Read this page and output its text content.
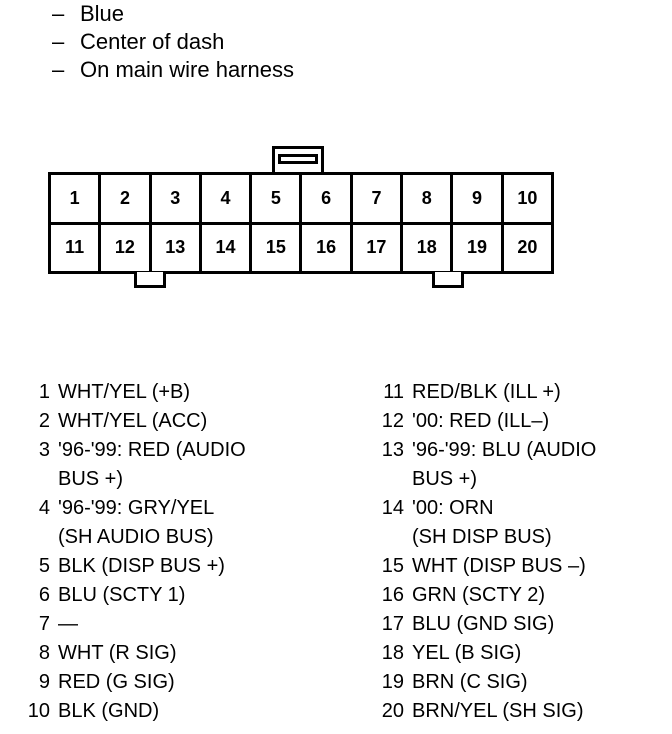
– Blue
– Center of dash
– On main wire harness
1	2	3	4	5	6	7	8	9	10
11	12	13	14	15	16	17	18	19	20
1 WHT/YEL (+B)
2 WHT/YEL (ACC)
3 '96-'99: RED (AUDIO
BUS +)
4 '96-'99: GRY/YEL
(SH AUDIO BUS)
5 BLK (DISP BUS +)
6 BLU (SCTY 1)
7 —
8 WHT (R SIG)
9 RED (G SIG)
10 BLK (GND)
11 RED/BLK (ILL +)
12 '00: RED (ILL–)
13 '96-'99: BLU (AUDIO
BUS +)
14 '00: ORN
(SH DISP BUS)
15 WHT (DISP BUS –)
16 GRN (SCTY 2)
17 BLU (GND SIG)
18 YEL (B SIG)
19 BRN (C SIG)
20 BRN/YEL (SH SIG)
